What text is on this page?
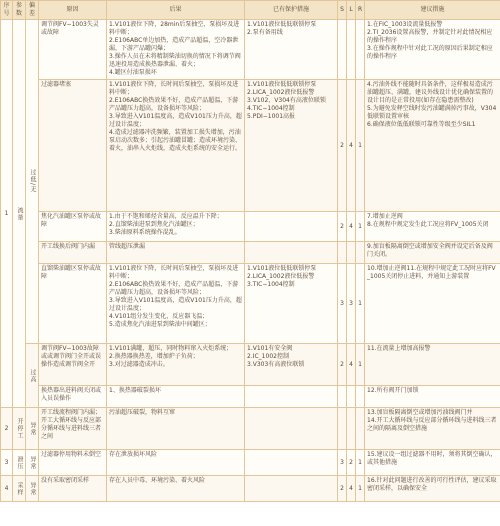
序号	参数	偏差	原因	后果	已有保护措施	S	L	R	建议措施
1	流量	过低/无	调节阀FV−1003失灵或故障	1.V101液位下降，28min后泵抽空，泵损坏及进料中断；
2.E106ABC单边加热，造成产品超温，空冷器泄漏，下游产品罐闪爆；
3.操作人员在未将精制柴油切换的情况下将调节阀迅速投用造成换热器泄漏、着火；
4.罐区付油泵损坏	1.V101液位低低联锁停泵
2.泵有备用线				1.在FIC_1003设流量低报警
2.TI_2036设置高报警，并制定针对此情况相应的操作程序
3.在操作规程中针对此工况的原因后果制定相应的操作程序
			过滤器堵塞	1.V101液位下降，长时间后泵抽空，泵损坏及进料中断；
2.E106ABC换热效果不好，造成产品超温，下游产品罐压力超高，设备损坏等风险；
3.导致进入V101温度高，造成V101压力升高，超过设计温度；
4.造成过滤器冲洗频繁，装置加工损失增加，污油泵启动次数多；引起污油罐冒罐；造成环境污染、着火，油串入火炬线，造成火炬系统的安全运行。	1.V101液位低低联锁停泵
2.LICA_1002液位低报警
3.V102、V304有高液位联锁
4.TIC−1004控制
5.PDI−1001高报	2	4	1	4.污油外线不能随时具备条件，这样极易造成污油罐超压、满罐，建议外线设计优化确保装置的设计目的是正常投用(如存在隐患需整改)
5.为避免发释空线时发污油罐满掉污事故，V304低联锁设置审核
6.确保液位低低联锁可靠性等级至少SIL1
			焦化汽油罐区泵停或故障	1.由于不饱和烯烃含量高，反应温升下降；
2.直馏柴油进泵到焦化汽油罐区；
3.柴油原料系统操作混乱。		2	4	1	7.增加止逆阀
8.在规程中规定发生此工况应将FV_1005关闭
			开工线换后阀门内漏	管线超压泄漏					9.加盲板隔离倒空或增加安全阀并设定后备及阀门关闭。
			直馏柴油罐区泵停或故障	1.V101液位下降，长时间后泵抽空，泵损坏及进料中断；
2.E106ABC换热效果不好，造成产品超温，下游产品罐压力超高，设备损坏等风险；
3.导致进入V101温度高，造成V101压力升高，超过设计温度；
4.V101组分发生变化，反应器飞温；
5.造成焦化汽油进泵到柴油中间罐区；	1.V101液位低低联锁停泵
2.LICA_1002液位低报警
3.TIC−1004控制	3	3	1	10.增加止逆阀11.在规程中规定此工况时应将FV_1005关闭停止进料，并通知上游装置
		过高	调节阀FV−1003故障或或调节阀门全开或误操作造成调节阀全开	1.V101满罐，超压，同时物料窜入火炬系统；
2.换热器换热差，增加炉子负荷；
3.对过滤器造成冲击。	1.V101有安全阀
2.IC_1002控制
3.V303有高液位联锁	2	4	1	11.在流量上增加高报警
			换热器出进料阀关闭或入员误操作	1、换热器破裂损坏					12.所有阀开门加锁
2	开停工	异常	开工线流程阀门内漏；
开工大循环线与反应部分循环线与进料线三者之间	污油超压破裂，物料互窜					13.加盲板隔离倒空或增加污油线阀门并
14.开工大循环线与反应部分循环线与进料线三者之间的隔离及倒空措施
3	泄压	异常	过滤器停用物料未倒空	存在泄放损坏风险		3	2	1	15.建议设一组过滤器不用时，须将其倒空确认，或其他措施
4	采样	异常	没有采取密闭采样	存在人员中毒、环境污染、着火风险		2	4	1	16.针对此问题进行改善的可行性评估，建议采取密闭采样，以确保安全
